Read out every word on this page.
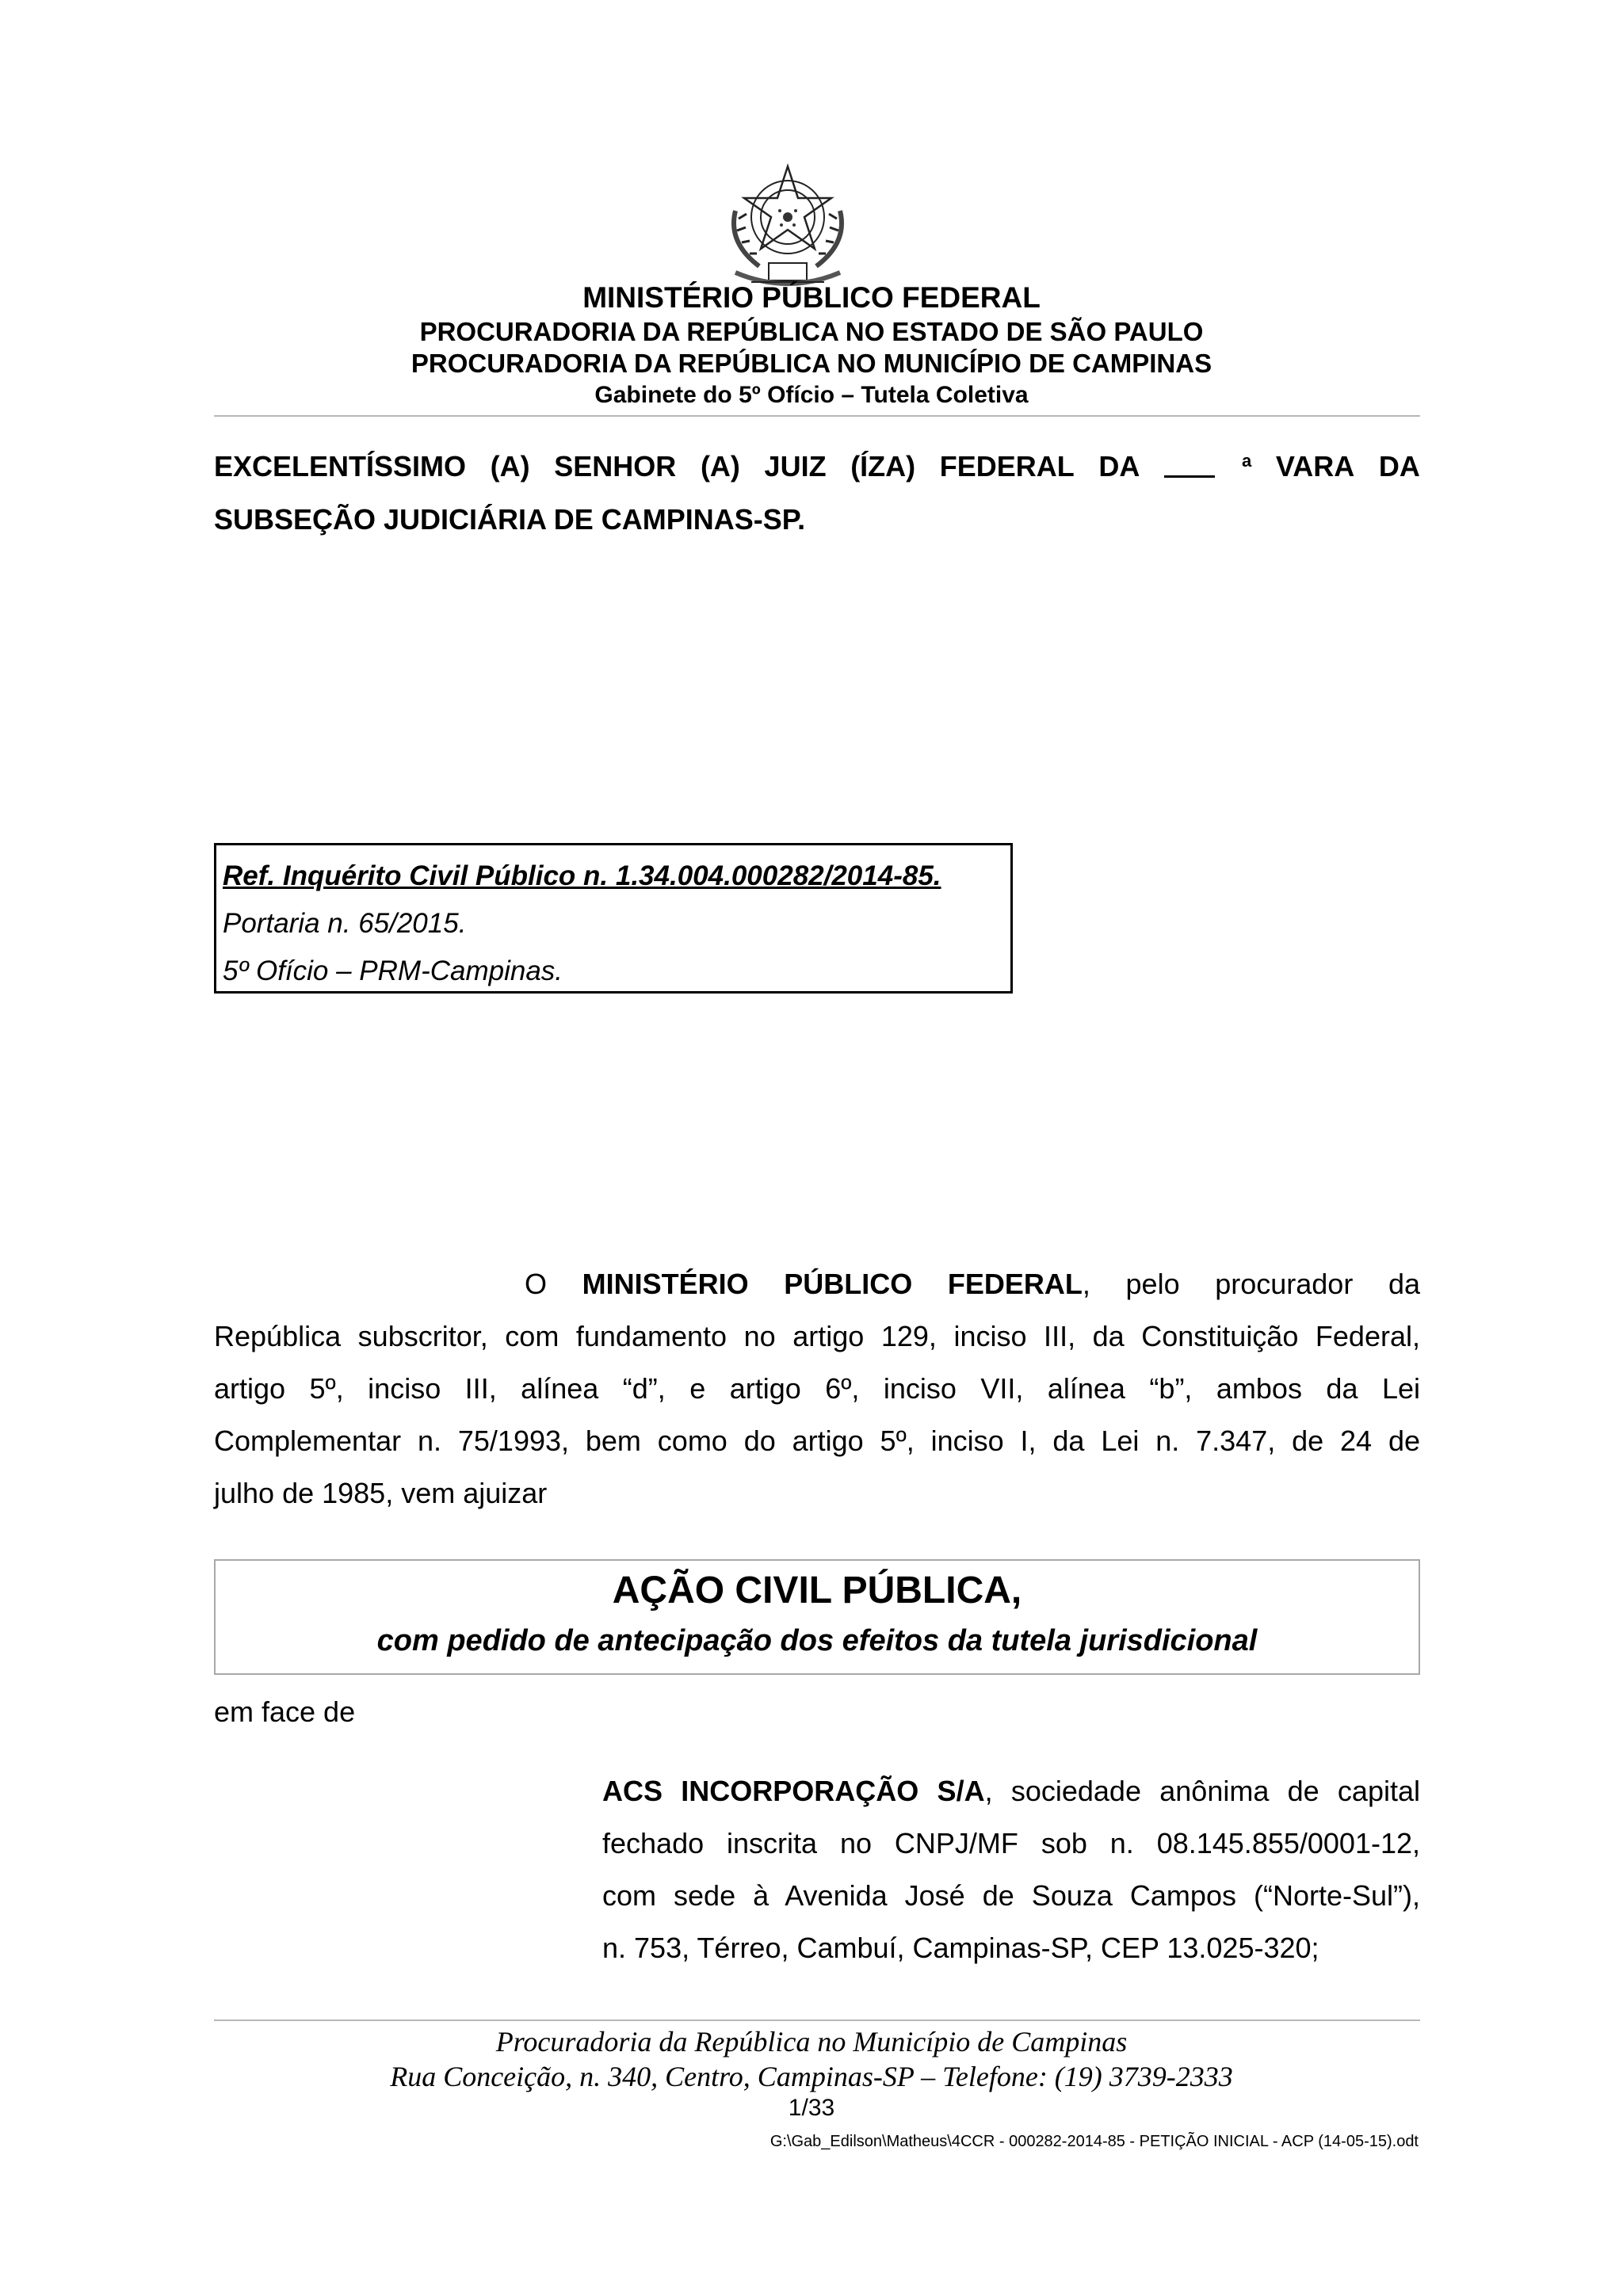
MINISTÉRIO PÚBLICO FEDERAL
PROCURADORIA DA REPÚBLICA NO ESTADO DE SÃO PAULO
PROCURADORIA DA REPÚBLICA NO MUNICÍPIO DE CAMPINAS
Gabinete do 5º Ofício – Tutela Coletiva
EXCELENTÍSSIMO (A) SENHOR (A) JUIZ (ÍZA) FEDERAL DA	$^a$ VARA DA
SUBSEÇÃO JUDICIÁRIA DE CAMPINAS-SP.
Ref. Inquérito Civil Público n. 1.34.004.000282/2014-85.
Portaria n. 65/2015.
5º Ofício – PRM-Campinas.
O MINISTÉRIO PÚBLICO FEDERAL, pelo procurador da
República subscritor, com fundamento no artigo 129, inciso III, da Constituição Federal,
artigo 5º, inciso III, alínea “d”, e artigo 6º, inciso VII, alínea “b”, ambos da Lei
Complementar n. 75/1993, bem como do artigo 5º, inciso I, da Lei n. 7.347, de 24 de
julho de 1985, vem ajuizar
AÇÃO CIVIL PÚBLICA,
com pedido de antecipação dos efeitos da tutela jurisdicional
em face de
ACS INCORPORAÇÃO S/A, sociedade anônima de capital
fechado inscrita no CNPJ/MF sob n. 08.145.855/0001-12,
com sede à Avenida José de Souza Campos (“Norte-Sul”),
n. 753, Térreo, Cambuí, Campinas-SP, CEP 13.025-320;
Procuradoria da República no Município de Campinas
Rua Conceição, n. 340, Centro, Campinas-SP – Telefone: (19) 3739-2333
1/33
G:\Gab_Edilson\Matheus\4CCR - 000282-2014-85 - PETIÇÃO INICIAL - ACP (14-05-15).odt
